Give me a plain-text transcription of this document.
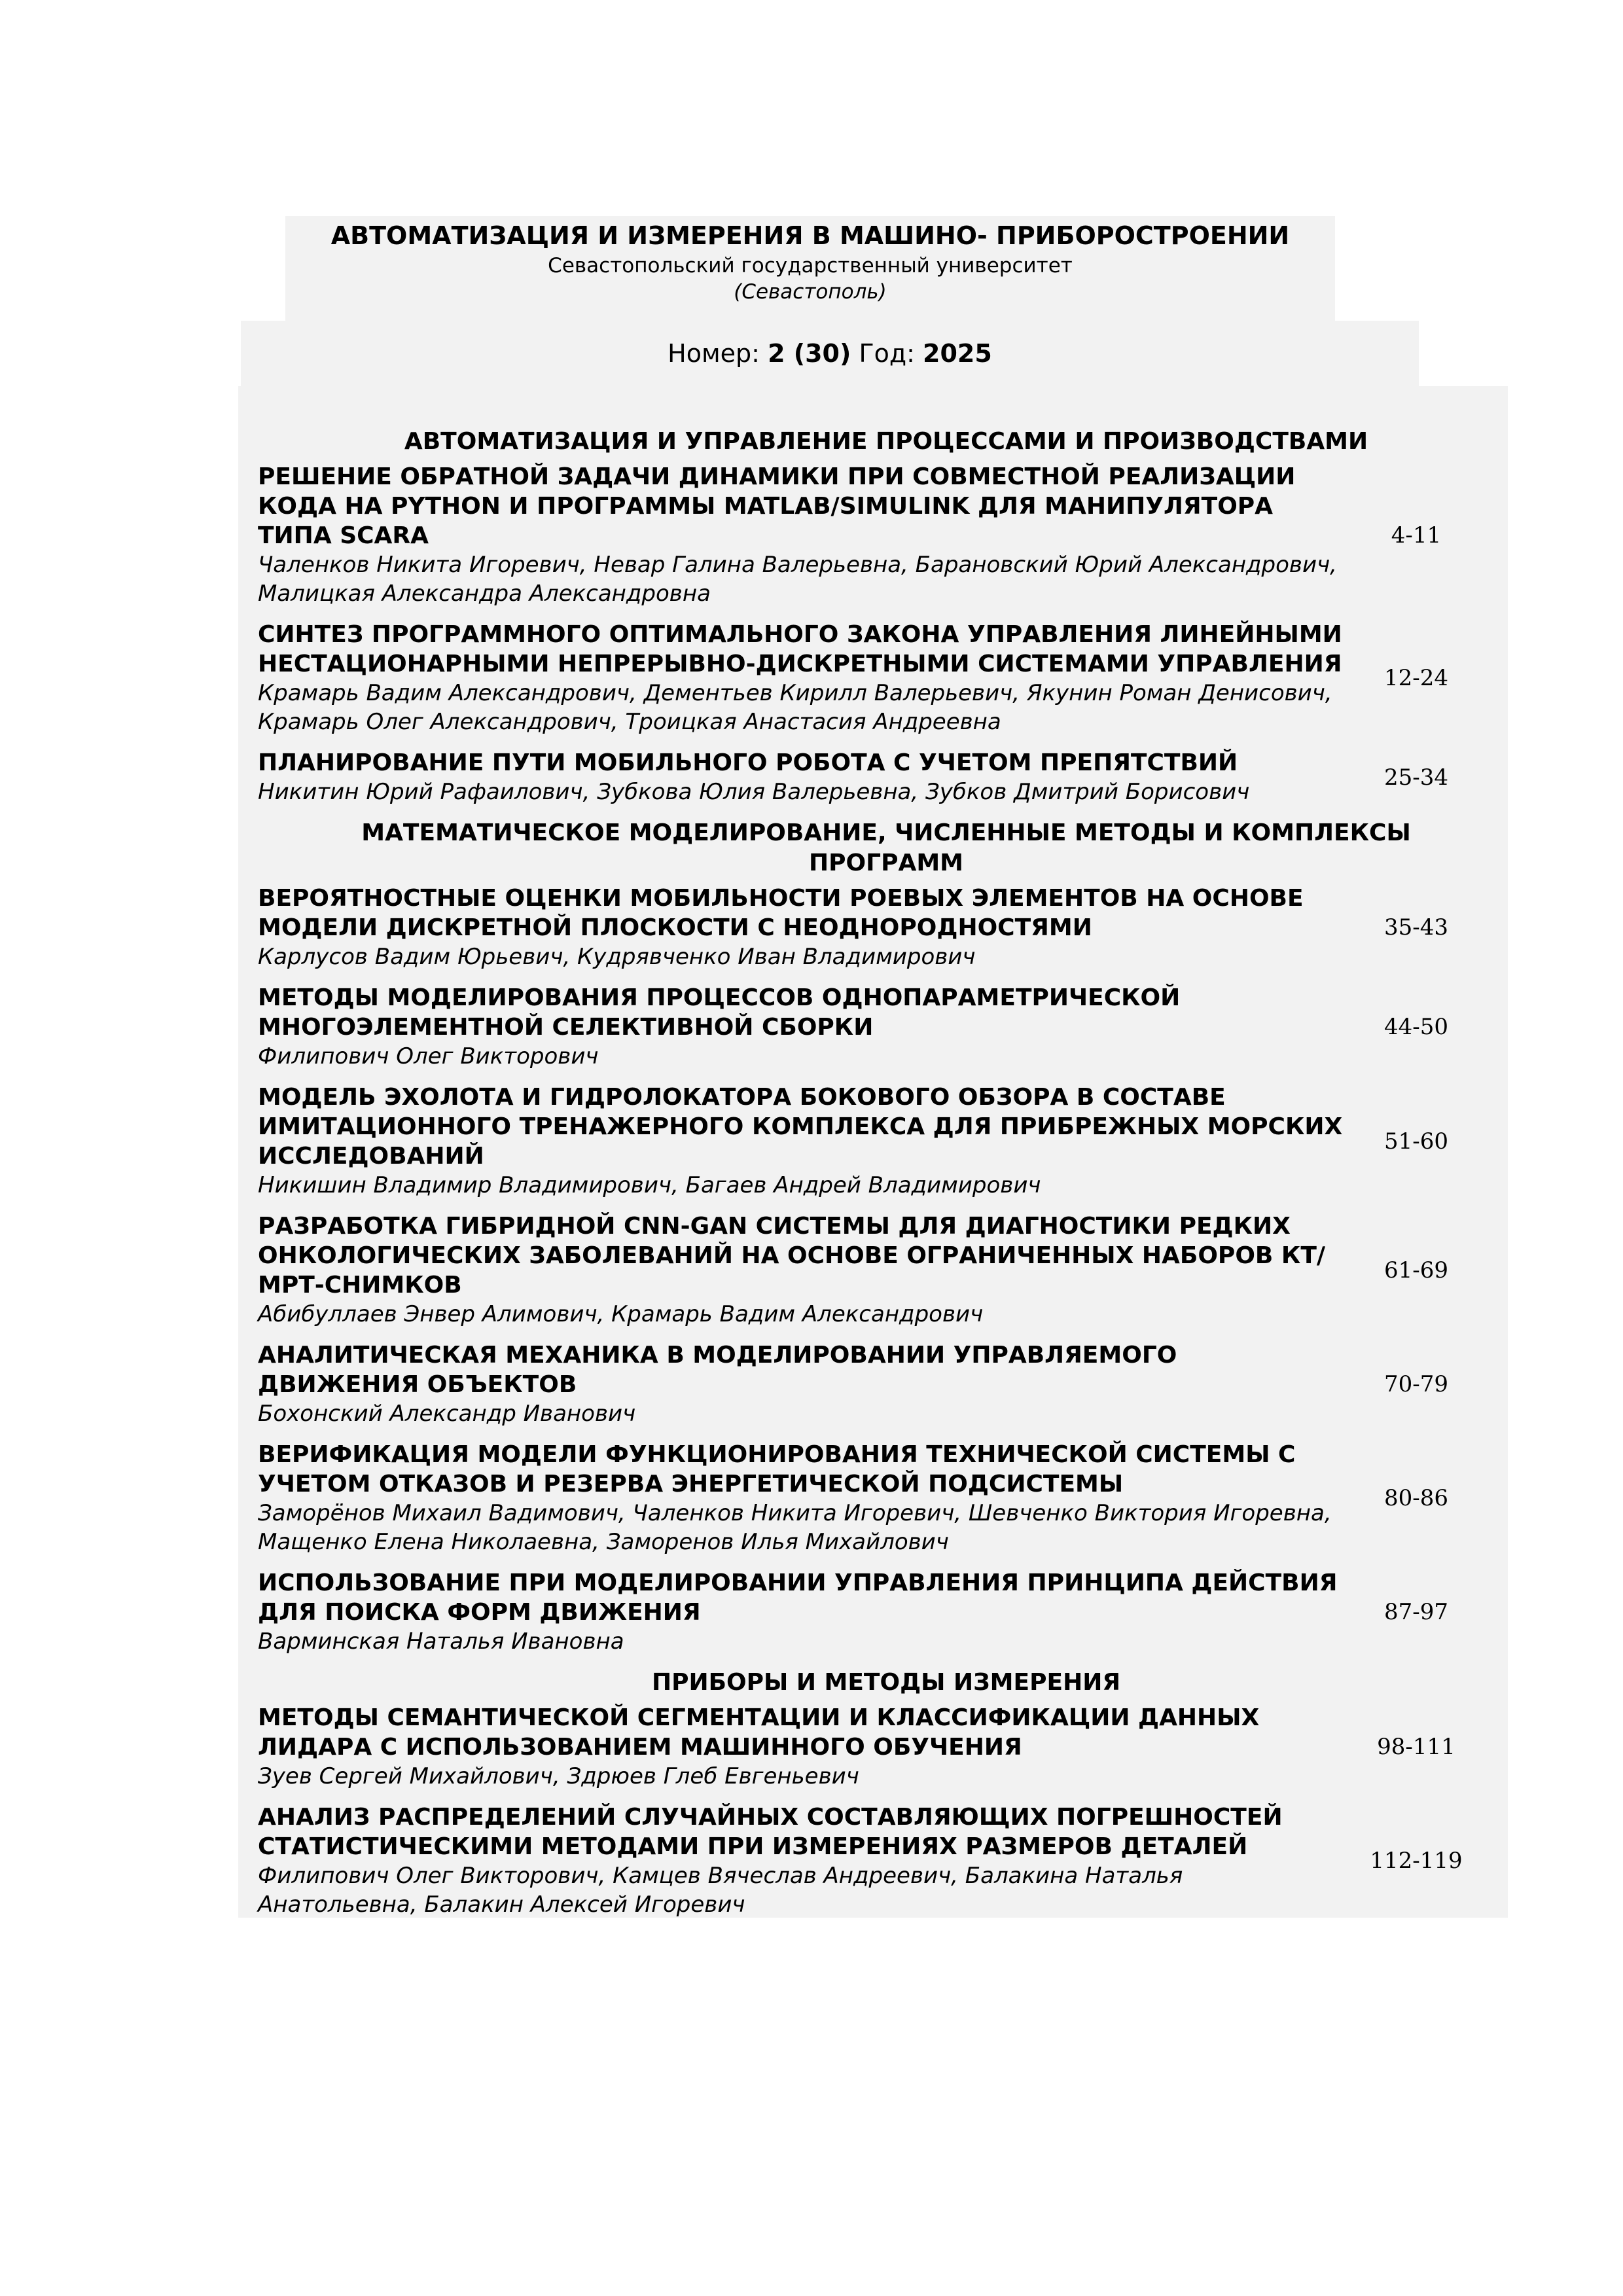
АВТОМАТИЗАЦИЯ И ИЗМЕРЕНИЯ В МАШИНО- ПРИБОРОСТРОЕНИИ
Севастопольский государственный университет
(Севастополь)
Номер: 2 (30) Год: 2025
АВТОМАТИЗАЦИЯ И УПРАВЛЕНИЕ ПРОЦЕССАМИ И ПРОИЗВОДСТВАМИ
РЕШЕНИЕ ОБРАТНОЙ ЗАДАЧИ ДИНАМИКИ ПРИ СОВМЕСТНОЙ РЕАЛИЗАЦИИ КОДА НА PYTHON И ПРОГРАММЫ MATLAB/SIMULINK ДЛЯ МАНИПУЛЯТОРА ТИПА SCARA
Чаленков Никита Игоревич, Невар Галина Валерьевна, Барановский Юрий Александрович, Малицкая Александра Александровна
4-11
СИНТЕЗ ПРОГРАММНОГО ОПТИМАЛЬНОГО ЗАКОНА УПРАВЛЕНИЯ ЛИНЕЙНЫМИ НЕСТАЦИОНАРНЫМИ НЕПРЕРЫВНО-ДИСКРЕТНЫМИ СИСТЕМАМИ УПРАВЛЕНИЯ
Крамарь Вадим Александрович, Дементьев Кирилл Валерьевич, Якунин Роман Денисович, Крамарь Олег Александрович, Троицкая Анастасия Андреевна
12-24
ПЛАНИРОВАНИЕ ПУТИ МОБИЛЬНОГО РОБОТА С УЧЕТОМ ПРЕПЯТСТВИЙ
Никитин Юрий Рафаилович, Зубкова Юлия Валерьевна, Зубков Дмитрий Борисович
25-34
МАТЕМАТИЧЕСКОЕ МОДЕЛИРОВАНИЕ, ЧИСЛЕННЫЕ МЕТОДЫ И КОМПЛЕКСЫ ПРОГРАММ
ВЕРОЯТНОСТНЫЕ ОЦЕНКИ МОБИЛЬНОСТИ РОЕВЫХ ЭЛЕМЕНТОВ НА ОСНОВЕ МОДЕЛИ ДИСКРЕТНОЙ ПЛОСКОСТИ С НЕОДНОРОДНОСТЯМИ
Карлусов Вадим Юрьевич, Кудрявченко Иван Владимирович
35-43
МЕТОДЫ МОДЕЛИРОВАНИЯ ПРОЦЕССОВ ОДНОПАРАМЕТРИЧЕСКОЙ МНОГОЭЛЕМЕНТНОЙ СЕЛЕКТИВНОЙ СБОРКИ
Филипович Олег Викторович
44-50
МОДЕЛЬ ЭХОЛОТА И ГИДРОЛОКАТОРА БОКОВОГО ОБЗОРА В СОСТАВЕ ИМИТАЦИОННОГО ТРЕНАЖЕРНОГО КОМПЛЕКСА ДЛЯ ПРИБРЕЖНЫХ МОРСКИХ ИССЛЕДОВАНИЙ
Никишин Владимир Владимирович, Багаев Андрей Владимирович
51-60
РАЗРАБОТКА ГИБРИДНОЙ CNN-GAN СИСТЕМЫ ДЛЯ ДИАГНОСТИКИ РЕДКИХ ОНКОЛОГИЧЕСКИХ ЗАБОЛЕВАНИЙ НА ОСНОВЕ ОГРАНИЧЕННЫХ НАБОРОВ КТ/МРТ-СНИМКОВ
Абибуллаев Энвер Алимович, Крамарь Вадим Александрович
61-69
АНАЛИТИЧЕСКАЯ МЕХАНИКА В МОДЕЛИРОВАНИИ УПРАВЛЯЕМОГО ДВИЖЕНИЯ ОБЪЕКТОВ
Бохонский Александр Иванович
70-79
ВЕРИФИКАЦИЯ МОДЕЛИ ФУНКЦИОНИРОВАНИЯ ТЕХНИЧЕСКОЙ СИСТЕМЫ С УЧЕТОМ ОТКАЗОВ И РЕЗЕРВА ЭНЕРГЕТИЧЕСКОЙ ПОДСИСТЕМЫ
Заморёнов Михаил Вадимович, Чаленков Никита Игоревич, Шевченко Виктория Игоревна, Мащенко Елена Николаевна, Заморенов Илья Михайлович
80-86
ИСПОЛЬЗОВАНИЕ ПРИ МОДЕЛИРОВАНИИ УПРАВЛЕНИЯ ПРИНЦИПА ДЕЙСТВИЯ ДЛЯ ПОИСКА ФОРМ ДВИЖЕНИЯ
Варминская Наталья Ивановна
87-97
ПРИБОРЫ И МЕТОДЫ ИЗМЕРЕНИЯ
МЕТОДЫ СЕМАНТИЧЕСКОЙ СЕГМЕНТАЦИИ И КЛАССИФИКАЦИИ ДАННЫХ ЛИДАРА С ИСПОЛЬЗОВАНИЕМ МАШИННОГО ОБУЧЕНИЯ
Зуев Сергей Михайлович, Здрюев Глеб Евгеньевич
98-111
АНАЛИЗ РАСПРЕДЕЛЕНИЙ СЛУЧАЙНЫХ СОСТАВЛЯЮЩИХ ПОГРЕШНОСТЕЙ СТАТИСТИЧЕСКИМИ МЕТОДАМИ ПРИ ИЗМЕРЕНИЯХ РАЗМЕРОВ ДЕТАЛЕЙ
Филипович Олег Викторович, Камцев Вячеслав Андреевич, Балакина Наталья Анатольевна, Балакин Алексей Игоревич
112-119
